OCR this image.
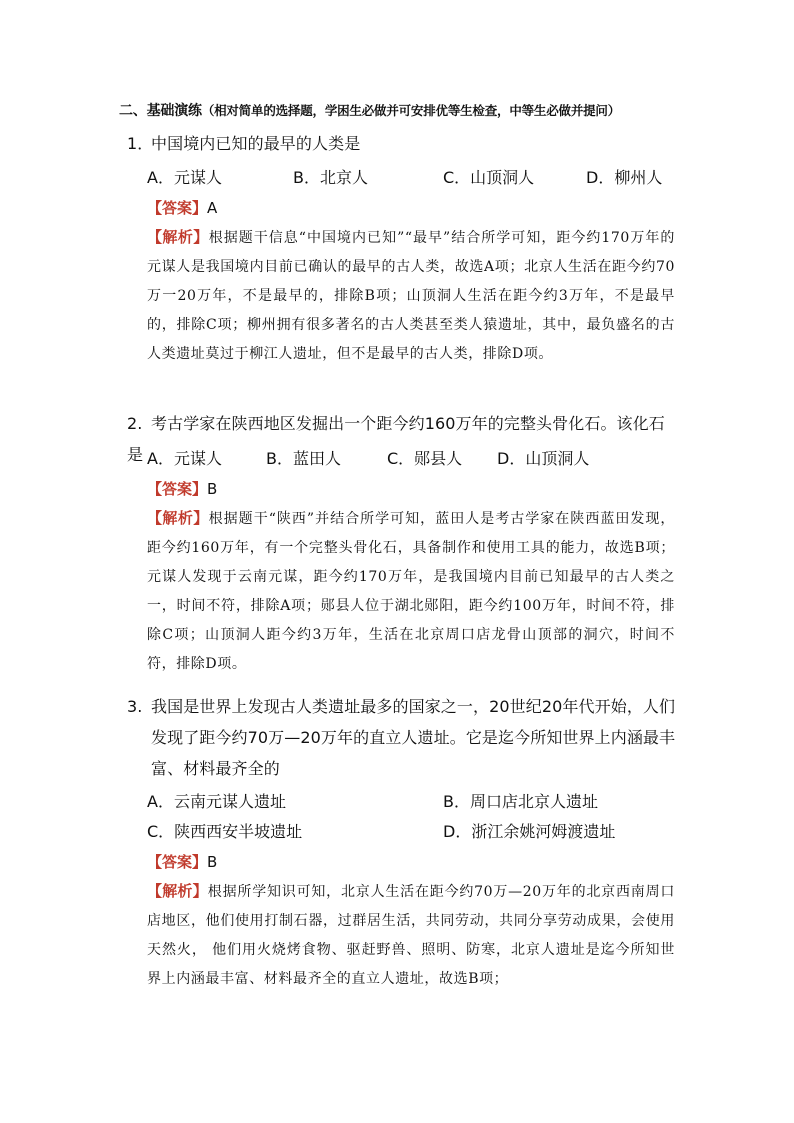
二、基础演练（相对简单的选择题，学困生必做并可安排优等生检查，中等生必做并提问）
1．中国境内已知的最早的人类是
A．元谋人	B．北京人	C．山顶洞人	D．柳州人
【答案】A
【解析】根据题干信息“中国境内已知”“最早”结合所学可知，距今约170万年的元谋人是我国境内目前已确认的最早的古人类，故选A项；北京人生活在距今约70万一20万年，不是最早的，排除B项；山顶洞人生活在距今约3万年，不是最早的，排除C项；柳州拥有很多著名的古人类甚至类人猿遗址，其中，最负盛名的古人类遗址莫过于柳江人遗址，但不是最早的古人类，排除D项。
2. 考古学家在陕西地区发掘出一个距今约160万年的完整头骨化石。该化石是 A．元谋人	B．蓝田人	C．郧县人 D．山顶洞人
【答案】B
【解析】根据题干“陕西”并结合所学可知，蓝田人是考古学家在陕西蓝田发现，距今约160万年，有一个完整头骨化石，具备制作和使用工具的能力，故选B项；元谋人发现于云南元谋，距今约170万年，是我国境内目前已知最早的古人类之一，时间不符，排除A项；郧县人位于湖北郧阳，距今约100万年，时间不符，排除C项；山顶洞人距今约3万年，生活在北京周口店龙骨山顶部的洞穴，时间不符，排除D项。
3. 我国是世界上发现古人类遗址最多的国家之一，20世纪20年代开始，人们
发现了距今约70万—20万年的直立人遗址。它是迄今所知世界上内涵最丰富、材料最齐全的
A．云南元谋人遗址	B．周口店北京人遗址
C．陕西西安半坡遗址	D．浙江余姚河姆渡遗址
【答案】B
【解析】根据所学知识可知，北京人生活在距今约70万—20万年的北京西南周口店地区，他们使用打制石器，过群居生活，共同劳动，共同分享劳动成果，会使用天然火， 他们用火烧烤食物、驱赶野兽、照明、防寒，北京人遗址是迄今所知世界上内涵最丰富、材料最齐全的直立人遗址，故选B项；
